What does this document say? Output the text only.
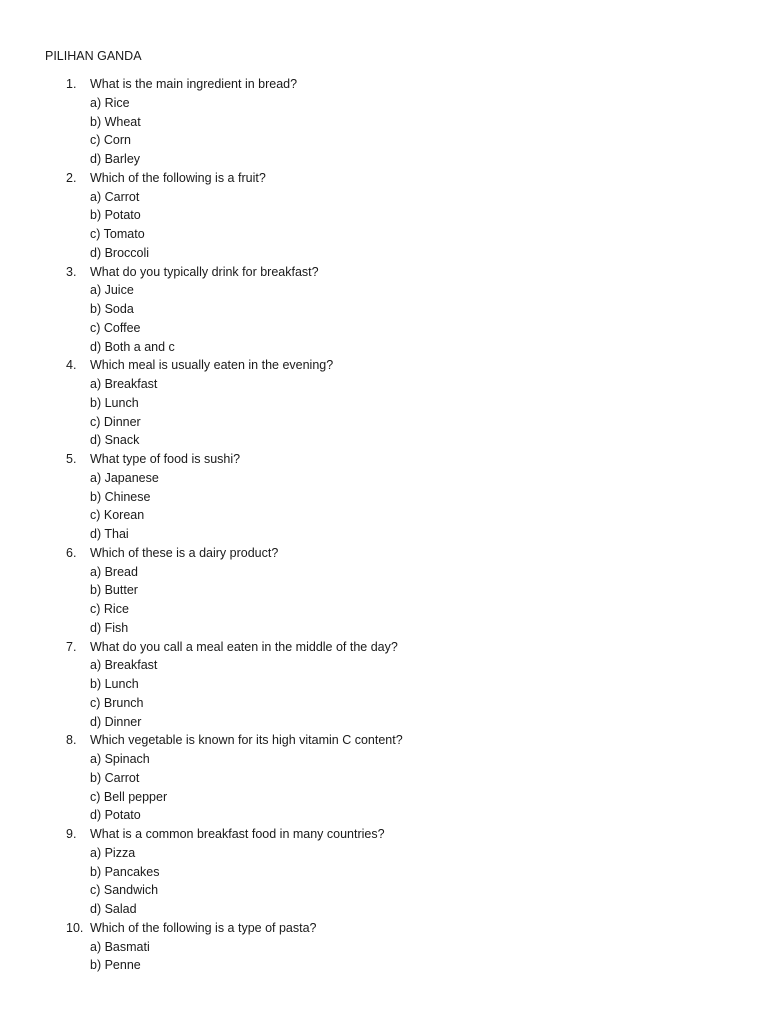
PILIHAN GANDA
1.	What is the main ingredient in bread?
a) Rice
b) Wheat
c) Corn
d) Barley
2.	Which of the following is a fruit?
a) Carrot
b) Potato
c) Tomato
d) Broccoli
3.	What do you typically drink for breakfast?
a) Juice
b) Soda
c) Coffee
d) Both a and c
4.	Which meal is usually eaten in the evening?
a) Breakfast
b) Lunch
c) Dinner
d) Snack
5.	What type of food is sushi?
a) Japanese
b) Chinese
c) Korean
d) Thai
6.	Which of these is a dairy product?
a) Bread
b) Butter
c) Rice
d) Fish
7.	What do you call a meal eaten in the middle of the day?
a) Breakfast
b) Lunch
c) Brunch
d) Dinner
8.	Which vegetable is known for its high vitamin C content?
a) Spinach
b) Carrot
c) Bell pepper
d) Potato
9.	What is a common breakfast food in many countries?
a) Pizza
b) Pancakes
c) Sandwich
d) Salad
10. Which of the following is a type of pasta?
a) Basmati
b) Penne
